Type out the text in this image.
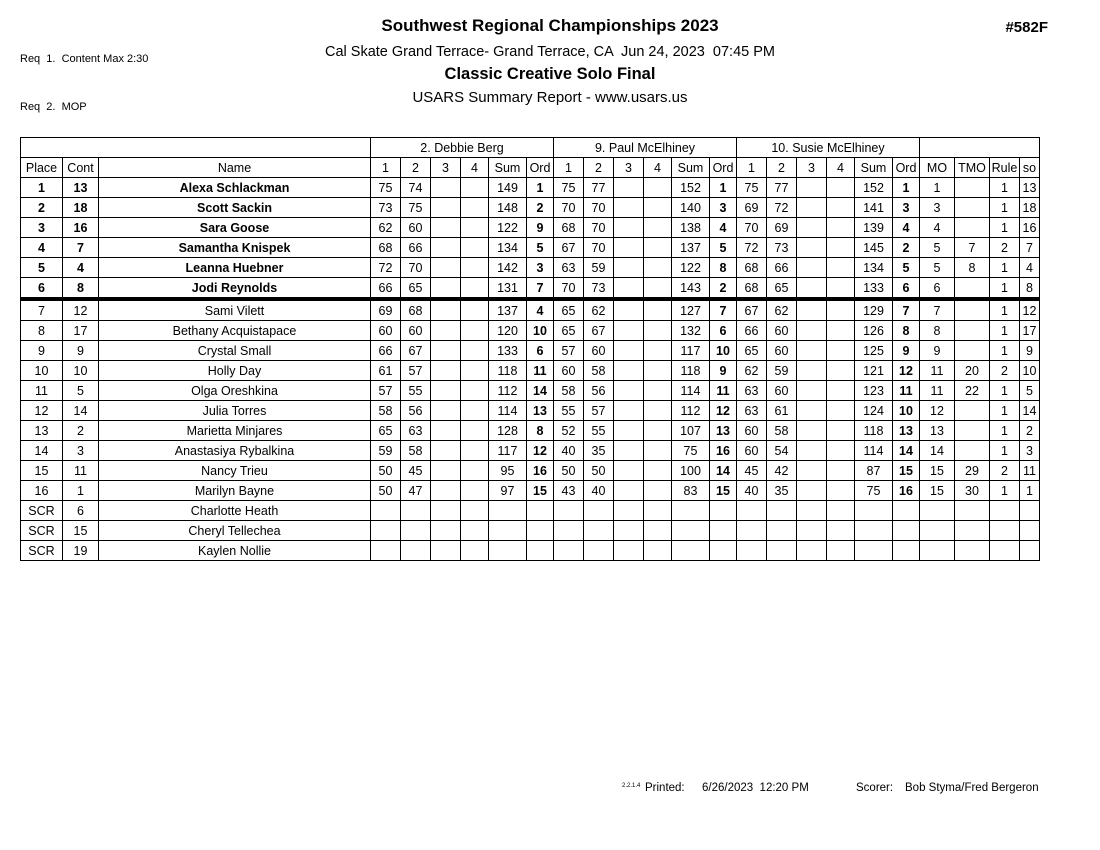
Req  1.  Content Max 2:30

Req  2.  MOP

Southwest Regional Championships 2023
Cal Skate Grand Terrace- Grand Terrace, CA  Jun 24, 2023  07:45 PM
Classic Creative Solo Final
USARS Summary Report - www.usars.us
#582F
			2. Debbie Berg						9. Paul McElhiney						10. Susie McElhiney									
Place	Cont	Name	1	2	3	4	Sum	Ord	1	2	3	4	Sum	Ord	1	2	3	4	Sum	Ord	MO	TMO	Rule	so
1	13	Alexa Schlackman	75	74			149	1	75	77			152	1	75	77			152	1	1		1	13
2	18	Scott Sackin	73	75			148	2	70	70			140	3	69	72			141	3	3		1	18
3	16	Sara Goose	62	60			122	9	68	70			138	4	70	69			139	4	4		1	16
4	7	Samantha Knispek	68	66			134	5	67	70			137	5	72	73			145	2	5	7	2	7
5	4	Leanna Huebner	72	70			142	3	63	59			122	8	68	66			134	5	5	8	1	4
6	8	Jodi Reynolds	66	65			131	7	70	73			143	2	68	65			133	6	6		1	8
7	12	Sami Vilett	69	68			137	4	65	62			127	7	67	62			129	7	7		1	12
8	17	Bethany Acquistapace	60	60			120	10	65	67			132	6	66	60			126	8	8		1	17
9	9	Crystal Small	66	67			133	6	57	60			117	10	65	60			125	9	9		1	9
10	10	Holly Day	61	57			118	11	60	58			118	9	62	59			121	12	11	20	2	10
11	5	Olga Oreshkina	57	55			112	14	58	56			114	11	63	60			123	11	11	22	1	5
12	14	Julia Torres	58	56			114	13	55	57			112	12	63	61			124	10	12		1	14
13	2	Marietta Minjares	65	63			128	8	52	55			107	13	60	58			118	13	13		1	2
14	3	Anastasiya Rybalkina	59	58			117	12	40	35			75	16	60	54			114	14	14		1	3
15	11	Nancy Trieu	50	45			95	16	50	50			100	14	45	42			87	15	15	29	2	11
16	1	Marilyn Bayne	50	47			97	15	43	40			83	15	40	35			75	16	15	30	1	1
SCR	6	Charlotte Heath																						
SCR	15	Cheryl Tellechea																						
SCR	19	Kaylen Nollie																						
2.2.1.4 Printed: 6/26/2023  12:20 PM	Scorer: Bob Styma/Fred Bergeron
